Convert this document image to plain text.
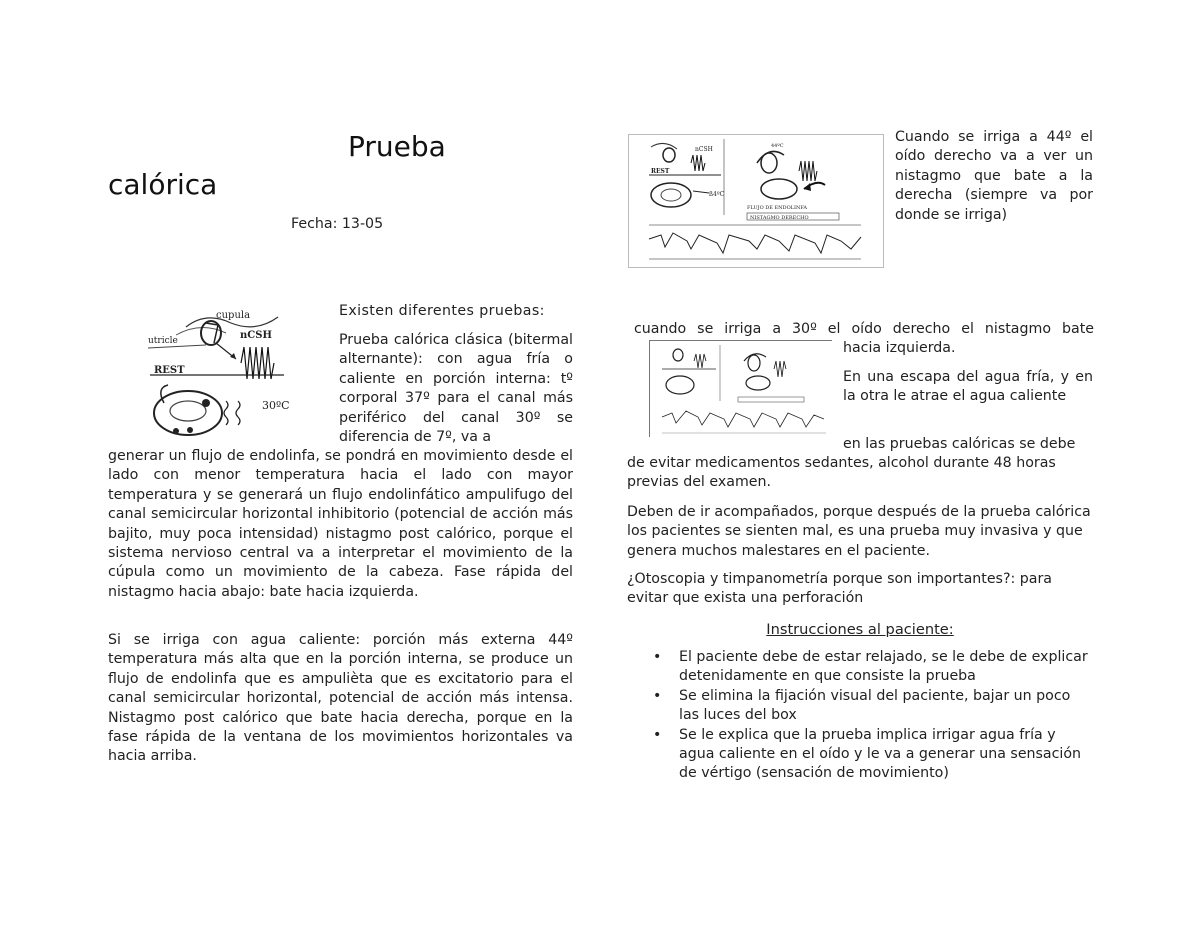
Prueba
calórica
Fecha: 13-05
cupula
utricle	nCSH
REST
30ºC
Existen diferentes pruebas:
Prueba calórica clásica (bitermal alternante): con agua fría o caliente en porción interna: tº corporal 37º para el canal más periférico del canal 30º se diferencia de 7º, va a
generar un flujo de endolinfa, se pondrá en movimiento desde el lado con menor temperatura hacia el lado con mayor temperatura y se generará un flujo endolinfático ampulifugo del canal semicircular horizontal inhibitorio (potencial de acción más bajito, muy poca intensidad) nistagmo post calórico, porque el sistema nervioso central va a interpretar el movimiento de la cúpula como un movimiento de la cabeza. Fase rápida del nistagmo hacia abajo: bate hacia izquierda.
Si se irriga con agua caliente: porción más externa 44º temperatura más alta que en la porción interna, se produce un flujo de endolinfa que es ampulièta que es excitatorio para el canal semicircular horizontal, potencial de acción más intensa. Nistagmo post calórico que bate hacia derecha, porque en la fase rápida de la ventana de los movimientos horizontales va hacia arriba.
nCSH
REST
ß4ºC
44ºC
FLUJO DE ENDOLINFA
NISTAGMO DERECHO
Cuando se irriga a 44º el oído derecho va a ver un nistagmo que bate a la derecha (siempre va por donde se irriga)
cuando se irriga a 30º el oído derecho el nistagmo bate
hacia izquierda.
En una escapa del agua fría, y en la otra le atrae el agua caliente
en las pruebas calóricas se debe
de evitar medicamentos sedantes, alcohol durante 48 horas previas del examen.
Deben de ir acompañados, porque después de la prueba calórica los pacientes se sienten mal, es una prueba muy invasiva y que genera muchos malestares en el paciente.
¿Otoscopia y timpanometría porque son importantes?: para evitar que exista una perforación
Instrucciones al paciente:
•	El paciente debe de estar relajado, se le debe de explicar detenidamente en que consiste la prueba
•	Se elimina la fijación visual del paciente, bajar un poco las luces del box
•	Se le explica que la prueba implica irrigar agua fría y agua caliente en el oído y le va a generar una sensación de vértigo (sensación de movimiento)
